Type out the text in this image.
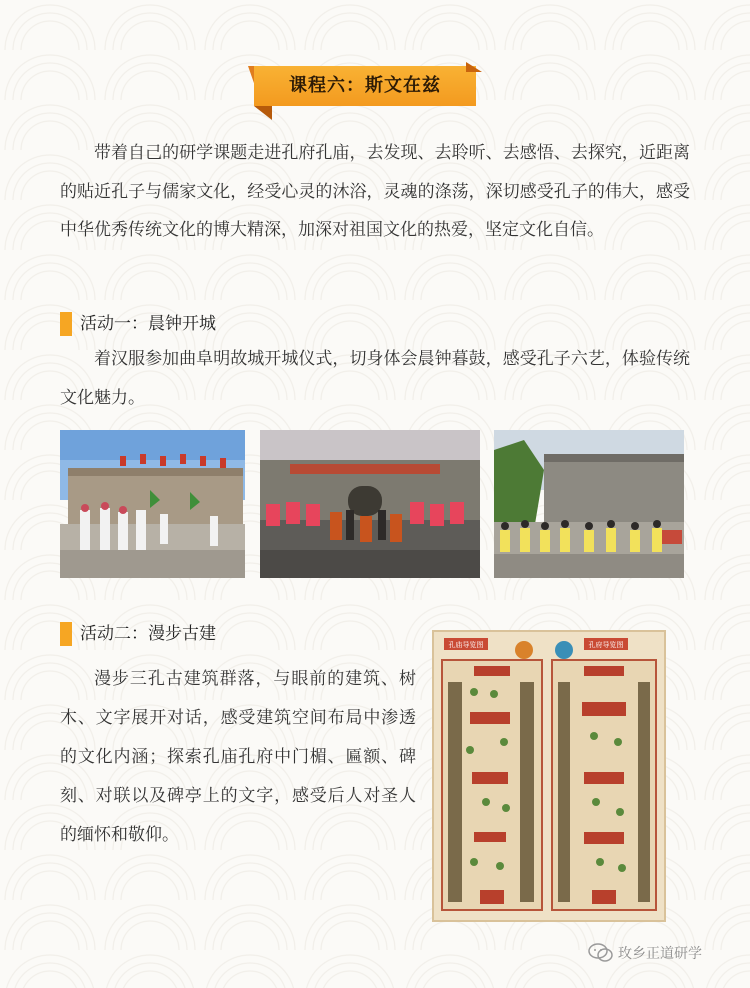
课程六：斯文在兹
带着自己的研学课题走进孔府孔庙，去发现、去聆听、去感悟、去探究，近距离的贴近孔子与儒家文化，经受心灵的沐浴，灵魂的涤荡，深切感受孔子的伟大，感受中华优秀传统文化的博大精深，加深对祖国文化的热爱，坚定文化自信。
活动一：晨钟开城
着汉服参加曲阜明故城开城仪式，切身体会晨钟暮鼓，感受孔子六艺，体验传统文化魅力。
活动二：漫步古建
漫步三孔古建筑群落，与眼前的建筑、树木、文字展开对话，感受建筑空间布局中渗透的文化内涵；探索孔庙孔府中门楣、匾额、碑刻、对联以及碑亭上的文字，感受后人对圣人的缅怀和敬仰。
孔庙导览图	孔府导览图
玫乡正道研学
